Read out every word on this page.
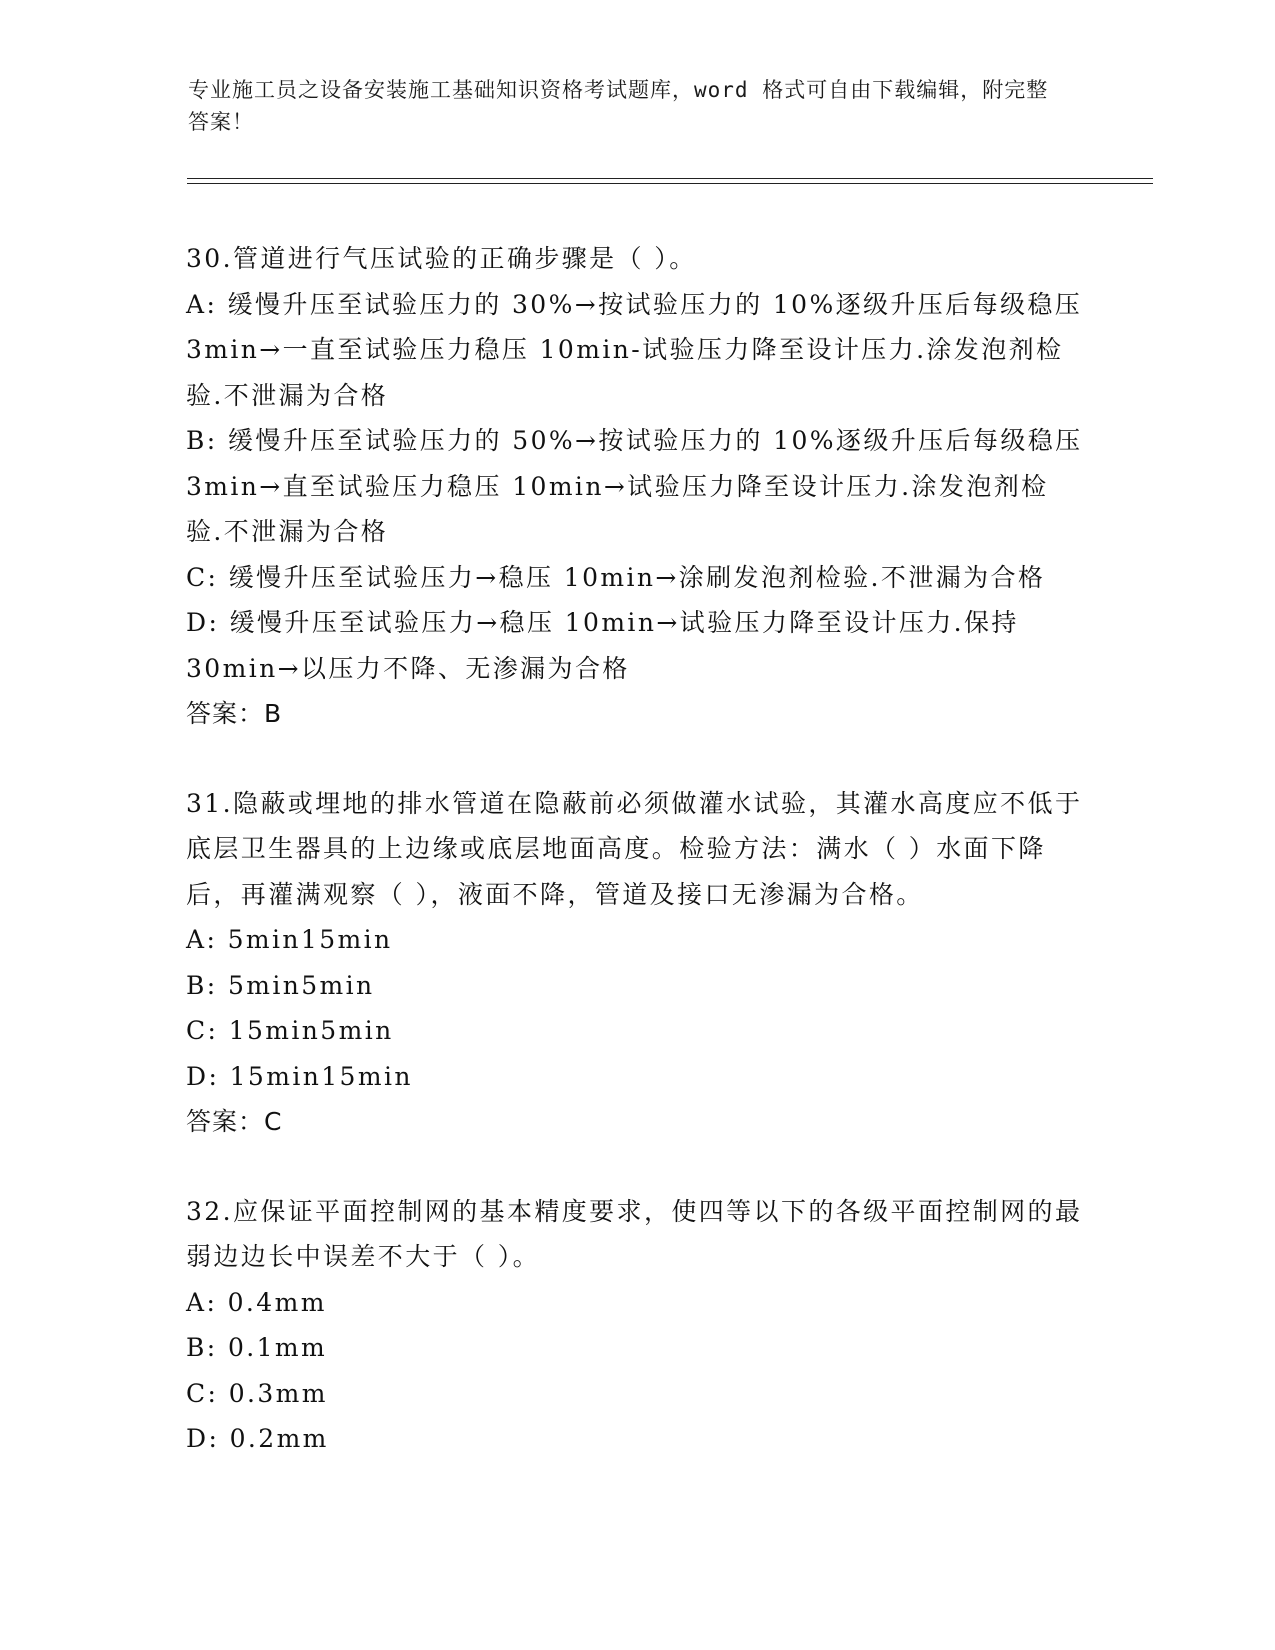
专业施工员之设备安装施工基础知识资格考试题库，word 格式可自由下载编辑，附完整答案！

30.管道进行气压试验的正确步骤是（ ）。

A: 缓慢升压至试验压力的 30%→按试验压力的 10%逐级升压后每级稳压 3min→一直至试验压力稳压 10min-试验压力降至设计压力.涂发泡剂检验.不泄漏为合格

B: 缓慢升压至试验压力的 50%→按试验压力的 10%逐级升压后每级稳压 3min→直至试验压力稳压 10min→试验压力降至设计压力.涂发泡剂检验.不泄漏为合格

C: 缓慢升压至试验压力→稳压 10min→涂刷发泡剂检验.不泄漏为合格

D: 缓慢升压至试验压力→稳压 10min→试验压力降至设计压力.保持 30min→以压力不降、无渗漏为合格

答案：B

31.隐蔽或埋地的排水管道在隐蔽前必须做灌水试验，其灌水高度应不低于底层卫生器具的上边缘或底层地面高度。检验方法：满水（ ）水面下降后，再灌满观察（ ），液面不降，管道及接口无渗漏为合格。

A: 5min15min

B: 5min5min

C: 15min5min

D: 15min15min

答案：C

32.应保证平面控制网的基本精度要求，使四等以下的各级平面控制网的最弱边边长中误差不大于（ ）。

A: 0.4mm

B: 0.1mm

C: 0.3mm

D: 0.2mm
